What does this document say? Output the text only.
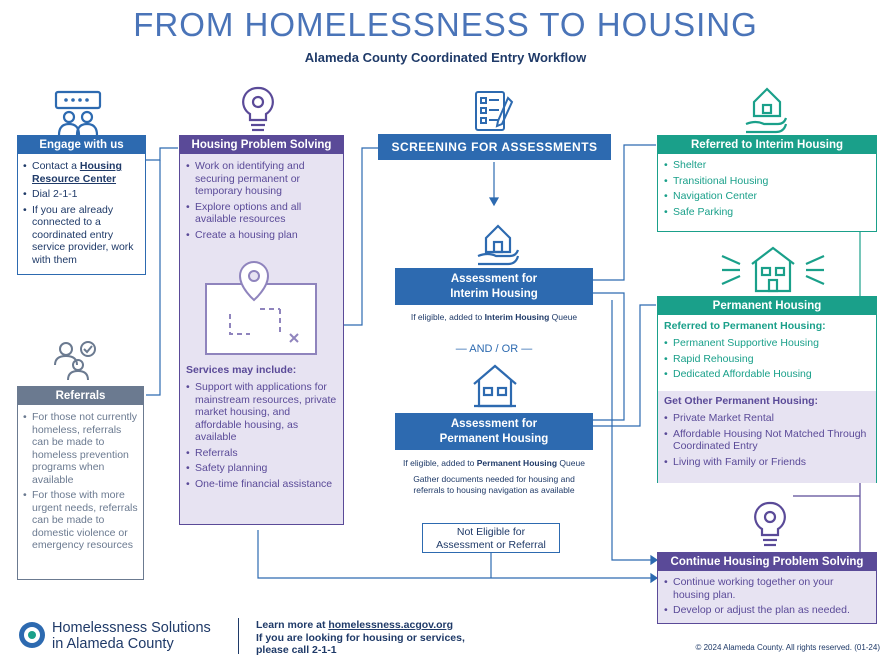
FROM HOMELESSNESS TO HOUSING
Alameda County Coordinated Entry Workflow
Engage with us
• Contact a Housing Resource Center
• Dial 2-1-1
• If you are already connected to a coordinated entry service provider, work with them
Referrals
• For those not currently homeless, referrals can be made to homeless prevention programs when available
• For those with more urgent needs, referrals can be made to domestic violence or emergency resources
Housing Problem Solving
• Work on identifying and securing permanent or temporary housing
• Explore options and all available resources
• Create a housing plan
Services may include:
• Support with applications for mainstream resources, private market housing, and affordable housing, as available
• Referrals
• Safety planning
• One-time financial assistance
SCREENING FOR ASSESSMENTS
Assessment for
Interim Housing
If eligible, added to Interim Housing Queue
— AND / OR —
Assessment for
Permanent Housing
If eligible, added to Permanent Housing Queue
Gather documents needed for housing and referrals to housing navigation as available
Not Eligible for
Assessment or Referral
Referred to Interim Housing
• Shelter
• Transitional Housing
• Navigation Center
• Safe Parking
Permanent Housing
Referred to Permanent Housing:
• Permanent Supportive Housing
• Rapid Rehousing
• Dedicated Affordable Housing
Get Other Permanent Housing:
• Private Market Rental
• Affordable Housing Not Matched Through Coordinated Entry
• Living with Family or Friends
Continue Housing Problem Solving
• Continue working together on your housing plan.
• Develop or adjust the plan as needed.
Homelessness Solutions
in Alameda County
Learn more at homelessness.acgov.org
If you are looking for housing or services,
please call 2-1-1	© 2024 Alameda County. All rights reserved. (01-24)
